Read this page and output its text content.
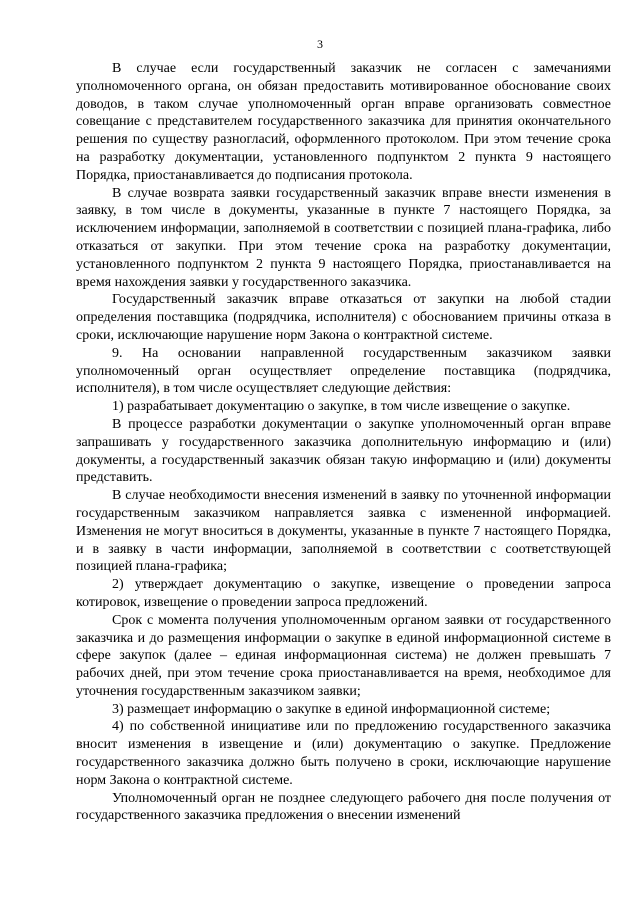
3

В случае если государственный заказчик не согласен с замечаниями уполномоченного органа, он обязан предоставить мотивированное обоснование своих доводов, в таком случае уполномоченный орган вправе организовать совместное совещание с представителем государственного заказчика для принятия окончательного решения по существу разногласий, оформленного протоколом. При этом течение срока на разработку документации, установленного подпунктом 2 пункта 9 настоящего Порядка, приостанавливается до подписания протокола.

В случае возврата заявки государственный заказчик вправе внести изменения в заявку, в том числе в документы, указанные в пункте 7 настоящего Порядка, за исключением информации, заполняемой в соответствии с позицией плана-графика, либо отказаться от закупки. При этом течение срока на разработку документации, установленного подпунктом 2 пункта 9 настоящего Порядка, приостанавливается на время нахождения заявки у государственного заказчика.

Государственный заказчик вправе отказаться от закупки на любой стадии определения поставщика (подрядчика, исполнителя) с обоснованием причины отказа в сроки, исключающие нарушение норм Закона о контрактной системе.

9. На основании направленной государственным заказчиком заявки уполномоченный орган осуществляет определение поставщика (подрядчика, исполнителя), в том числе осуществляет следующие действия:

1) разрабатывает документацию о закупке, в том числе извещение о закупке.

В процессе разработки документации о закупке уполномоченный орган вправе запрашивать у государственного заказчика дополнительную информацию и (или) документы, а государственный заказчик обязан такую информацию и (или) документы представить.

В случае необходимости внесения изменений в заявку по уточненной информации государственным заказчиком направляется заявка с измененной информацией. Изменения не могут вноситься в документы, указанные в пункте 7 настоящего Порядка, и в заявку в части информации, заполняемой в соответствии с соответствующей позицией плана-графика;

2) утверждает документацию о закупке, извещение о проведении запроса котировок, извещение о проведении запроса предложений.

Срок с момента получения уполномоченным органом заявки от государственного заказчика и до размещения информации о закупке в единой информационной системе в сфере закупок (далее – единая информационная система) не должен превышать 7 рабочих дней, при этом течение срока приостанавливается на время, необходимое для уточнения государственным заказчиком заявки;

3) размещает информацию о закупке в единой информационной системе;

4) по собственной инициативе или по предложению государственного заказчика вносит изменения в извещение и (или) документацию о закупке. Предложение государственного заказчика должно быть получено в сроки, исключающие нарушение норм Закона о контрактной системе.

Уполномоченный орган не позднее следующего рабочего дня после получения от государственного заказчика предложения о внесении изменений
